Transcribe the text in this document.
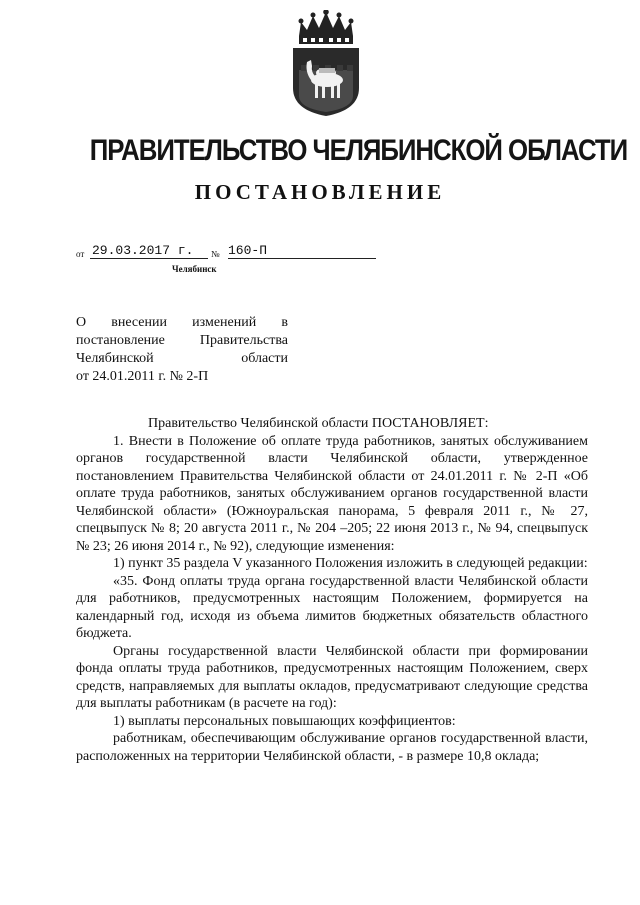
ПРАВИТЕЛЬСТВО ЧЕЛЯБИНСКОЙ ОБЛАСТИ
ПОСТАНОВЛЕНИЕ
от 29.03.2017 г.	№ 160-П
Челябинск
О внесении изменений в
постановление Правительства
Челябинской области
от 24.01.2011 г. № 2-П

Правительство Челябинской области ПОСТАНОВЛЯЕТ:

1. Внести в Положение об оплате труда работников, занятых обслуживанием органов государственной власти Челябинской области, утвержденное постановлением Правительства Челябинской области от 24.01.2011 г. № 2-П «Об оплате труда работников, занятых обслуживанием органов государственной власти Челябинской области» (Южноуральская панорама, 5 февраля 2011 г., № 27, спецвыпуск № 8; 20 августа 2011 г., № 204 –205; 22 июня 2013 г., № 94, спецвыпуск № 23; 26 июня 2014 г., № 92), следующие изменения:

1) пункт 35 раздела V указанного Положения изложить в следующей редакции:

«35. Фонд оплаты труда органа государственной власти Челябинской области для работников, предусмотренных настоящим Положением, формируется на календарный год, исходя из объема лимитов бюджетных обязательств областного бюджета.

Органы государственной власти Челябинской области при формировании фонда оплаты труда работников, предусмотренных настоящим Положением, сверх средств, направляемых для выплаты окладов, предусматривают следующие средства для выплаты работникам (в расчете на год):

1) выплаты персональных повышающих коэффициентов:

работникам, обеспечивающим обслуживание органов государственной власти, расположенных на территории Челябинской области, - в размере 10,8 оклада;
